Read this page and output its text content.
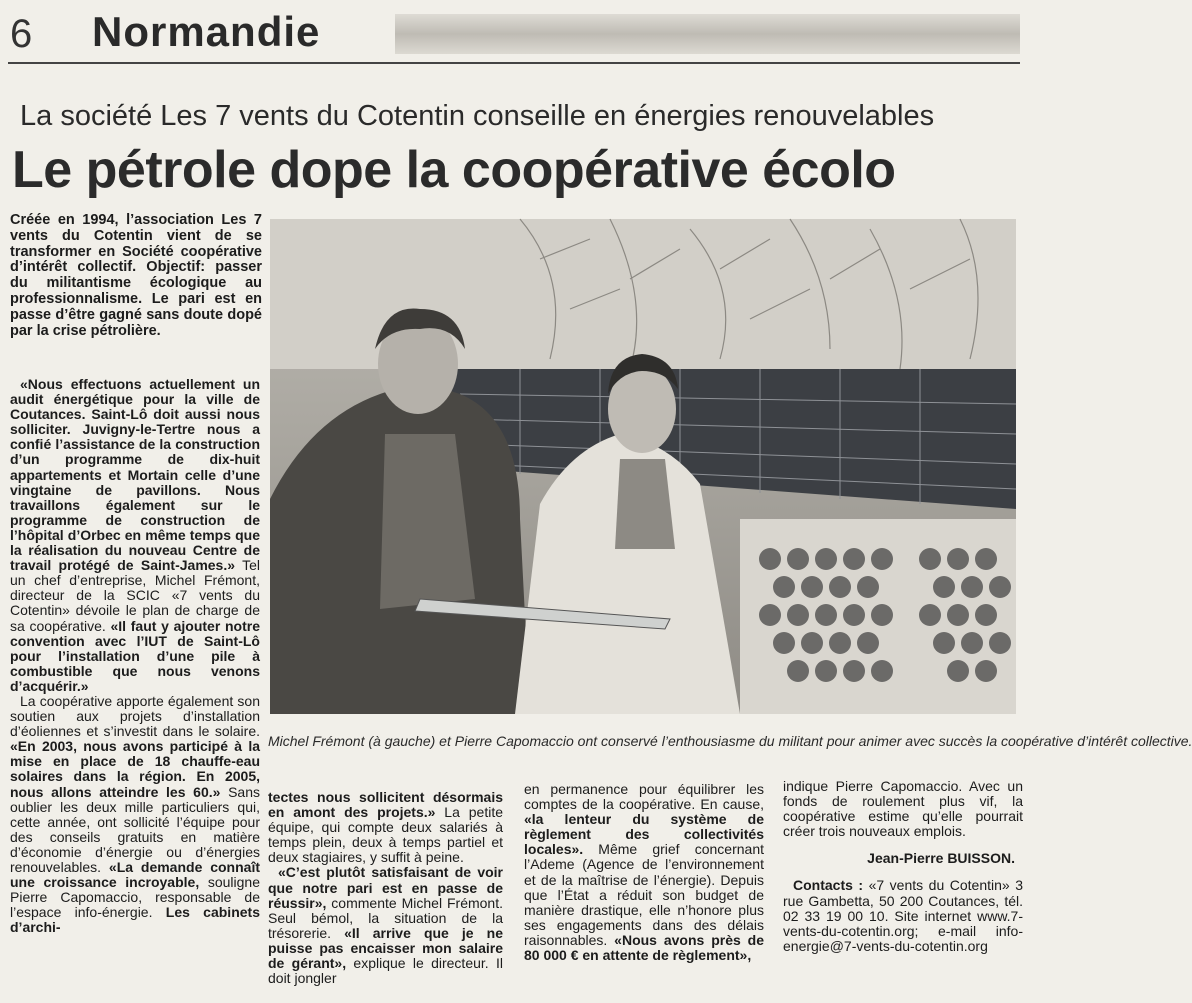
6 Normandie
La société Les 7 vents du Cotentin conseille en énergies renouvelables
Le pétrole dope la coopérative écolo
Créée en 1994, l’association Les 7 vents du Cotentin vient de se transformer en Société coopérative d’intérêt collectif. Objectif: passer du militantisme écologique au professionnalisme. Le pari est en passe d’être gagné sans doute dopé par la crise pétrolière.

«Nous effectuons actuellement un audit énergétique pour la ville de Coutances. Saint-Lô doit aussi nous solliciter. Juvigny-le-Tertre nous a confié l’assistance de la construction d’un programme de dix-huit appartements et Mortain celle d’une vingtaine de pavillons. Nous travaillons également sur le programme de construction de l’hôpital d’Orbec en même temps que la réalisation du nouveau Centre de travail protégé de Saint-James.» Tel un chef d’entreprise, Michel Frémont, directeur de la SCIC «7 vents du Cotentin» dévoile le plan de charge de sa coopérative. «Il faut y ajouter notre convention avec l’IUT de Saint-Lô pour l’installation d’une pile à combustible que nous venons d’acquérir.»

La coopérative apporte également son soutien aux projets d’installation d’éoliennes et s’investit dans le solaire. «En 2003, nous avons participé à la mise en place de 18 chauffe-eau solaires dans la région. En 2005, nous allons atteindre les 60.» Sans oublier les deux mille particuliers qui, cette année, ont sollicité l’équipe pour des conseils gratuits en matière d’économie d’énergie ou d’énergies renouvelables. «La demande connaît une croissance incroyable, souligne Pierre Capomaccio, responsable de l’espace info-énergie. Les cabinets d’archi-

Michel Frémont (à gauche) et Pierre Capomaccio ont conservé l’enthousiasme du militant pour animer avec succès la coopérative d’intérêt collective.

tectes nous sollicitent désormais en amont des projets.» La petite équipe, qui compte deux salariés à temps plein, deux à temps partiel et deux stagiaires, y suffit à peine.

«C’est plutôt satisfaisant de voir que notre pari est en passe de réussir», commente Michel Frémont. Seul bémol, la situation de la trésorerie. «Il arrive que je ne puisse pas encaisser mon salaire de gérant», explique le directeur. Il doit jongler

en permanence pour équilibrer les comptes de la coopérative. En cause, «la lenteur du système de règlement des collectivités locales». Même grief concernant l’Ademe (Agence de l’environnement et de la maîtrise de l’énergie). Depuis que l’État a réduit son budget de manière drastique, elle n’honore plus ses engagements dans des délais raisonnables. «Nous avons près de 80 000 € en attente de règlement»,

indique Pierre Capomaccio. Avec un fonds de roulement plus vif, la coopérative estime qu’elle pourrait créer trois nouveaux emplois.

Jean-Pierre BUISSON.

Contacts : «7 vents du Cotentin» 3 rue Gambetta, 50 200 Coutances, tél. 02 33 19 00 10. Site internet www.7-vents-du-cotentin.org; e-mail info-energie@7-vents-du-cotentin.org
